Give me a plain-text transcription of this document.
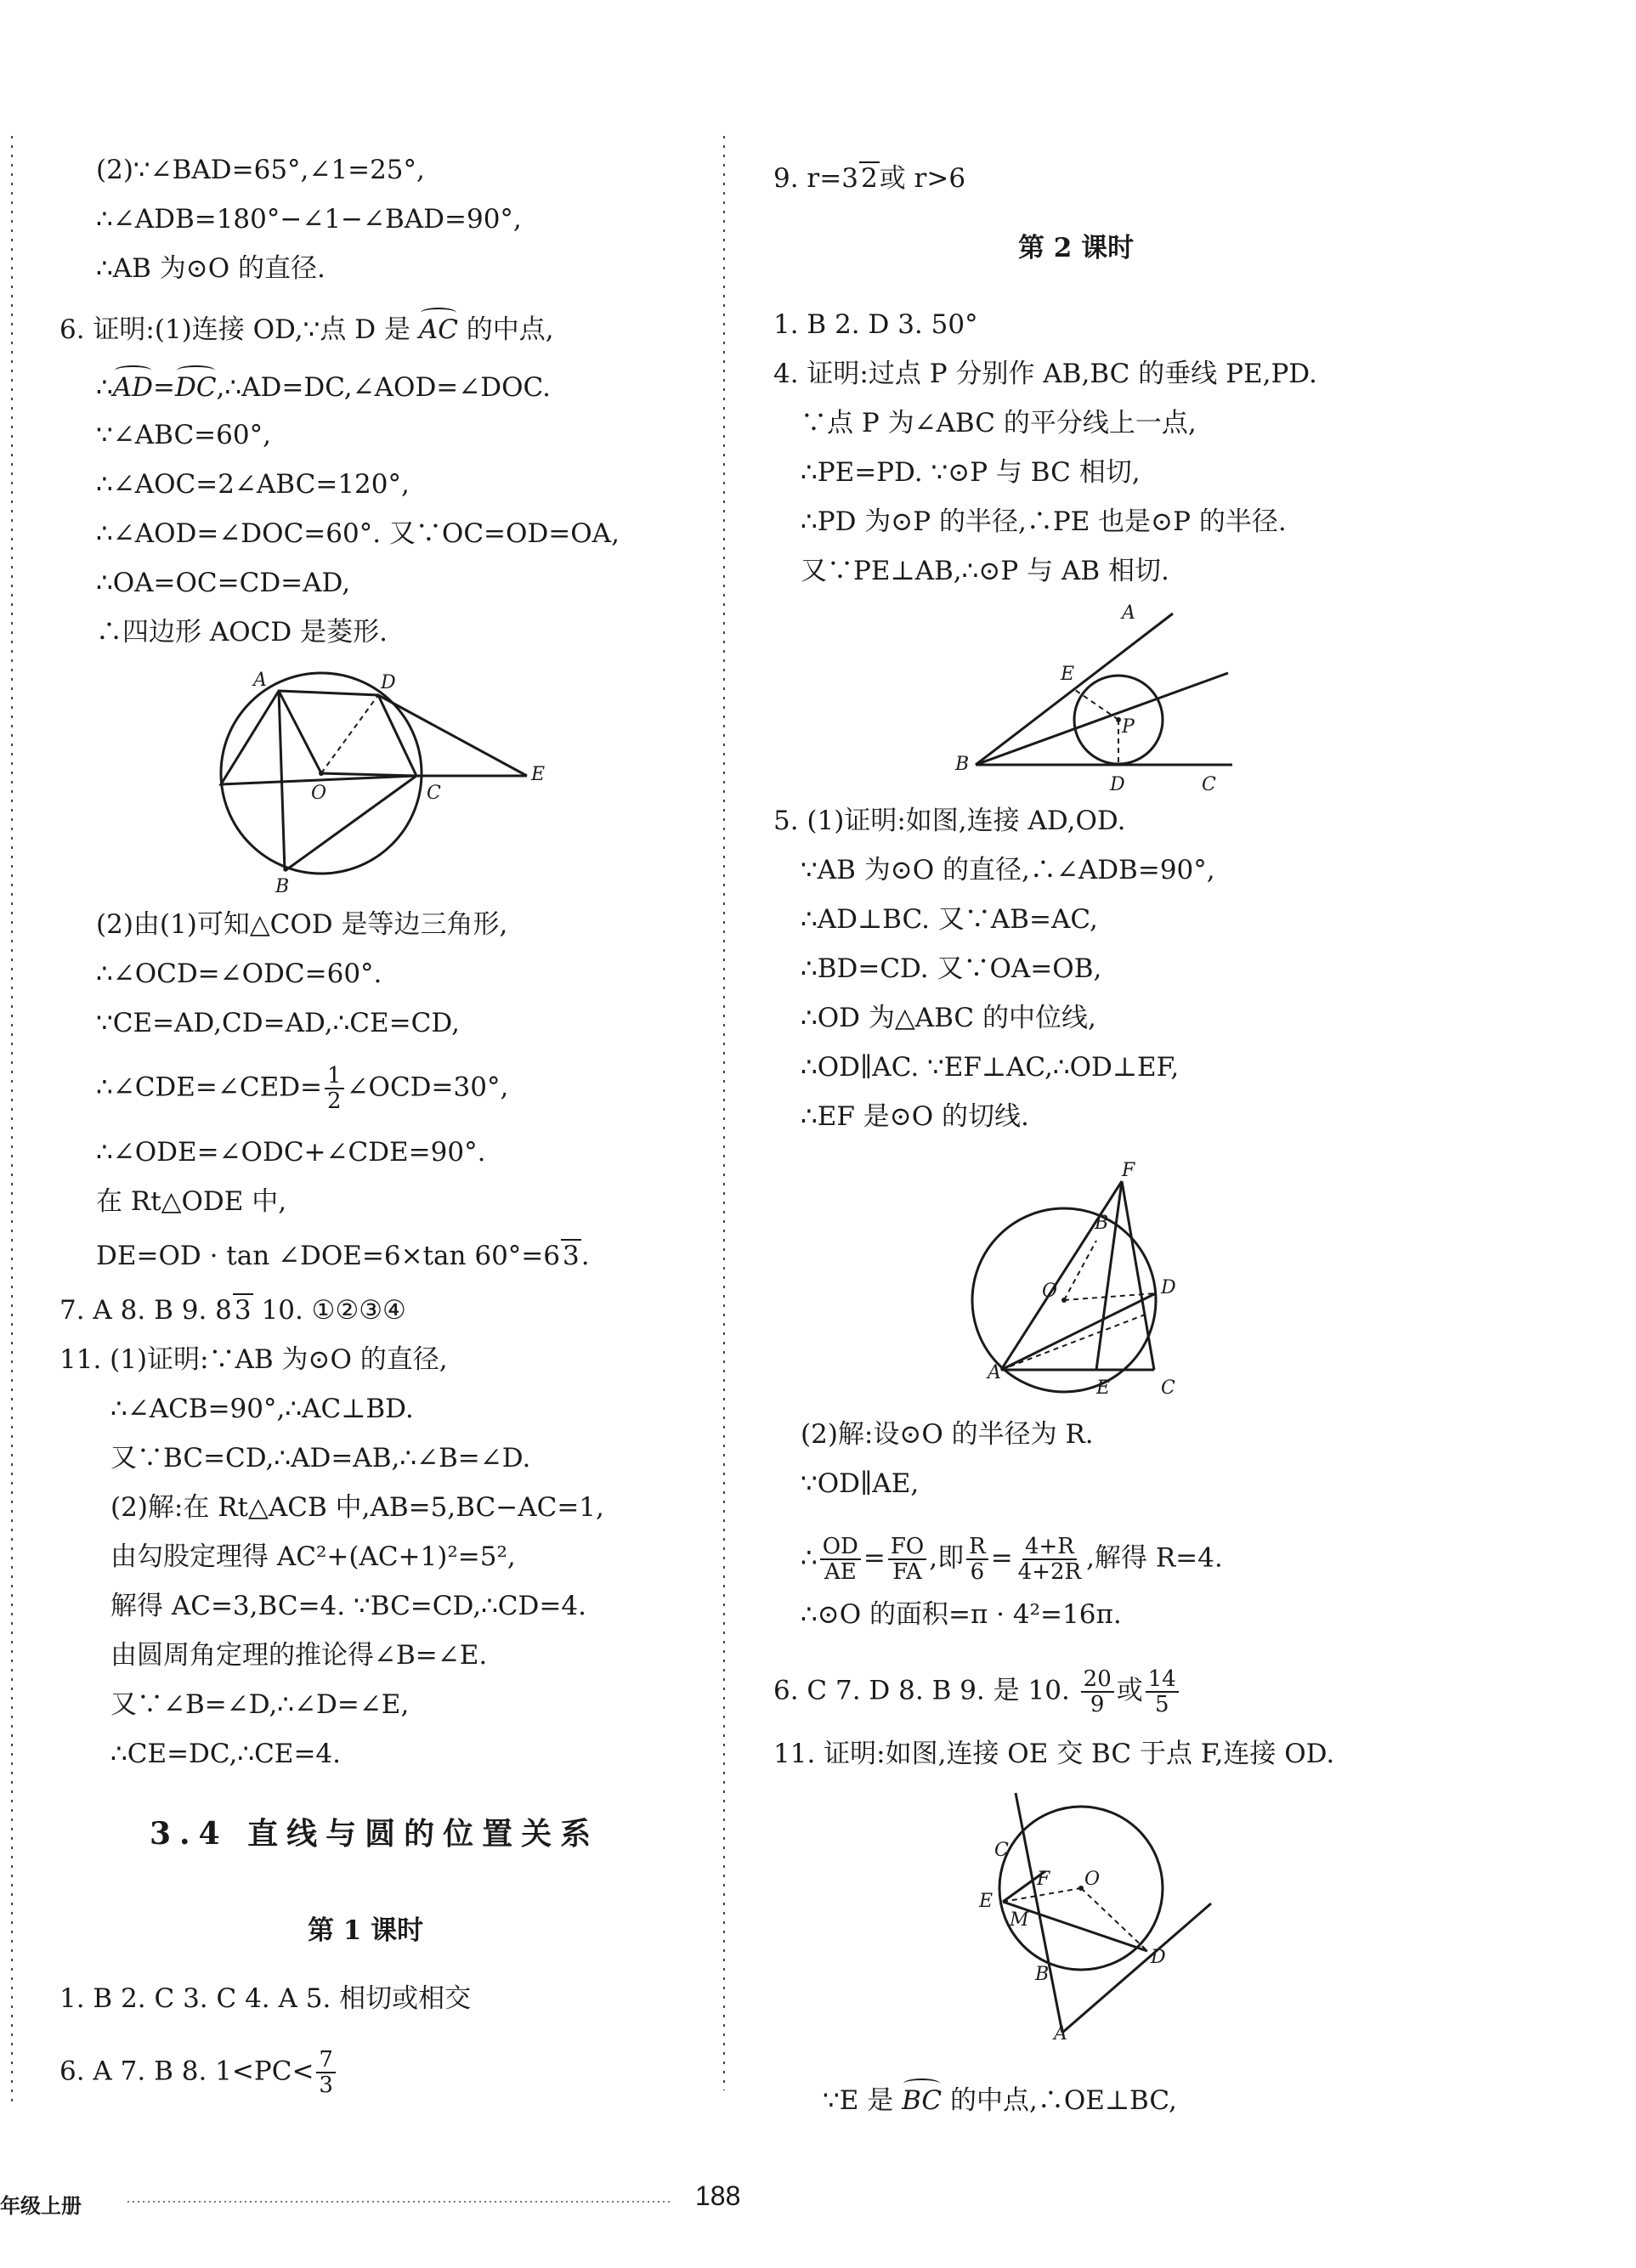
(2)∵∠BAD=65°,∠1=25°,
∴∠ADB=180°−∠1−∠BAD=90°,
∴AB 为⊙O 的直径.
6. 证明:(1)连接 OD,∵点 D 是 AC 的中点,
∴AD=DC,∴AD=DC,∠AOD=∠DOC.
∵∠ABC=60°,
∴∠AOC=2∠ABC=120°,
∴∠AOD=∠DOC=60°. 又∵OC=OD=OA,
∴OA=OC=CD=AD,
∴四边形 AOCD 是菱形.
A	D
O	C
E
B
(2)由(1)可知△COD 是等边三角形,
∴∠OCD=∠ODC=60°.
∵CE=AD,CD=AD,∴CE=CD,
∴∠CDE=∠CED= $\frac{1}{2}$ ∠OCD=30°,
∴∠ODE=∠ODC+∠CDE=90°.
在 Rt△ODE 中,
DE=OD · tan ∠DOE=6×tan 60°=63.
7. A 8. B 9. 83 10. ①②③④
11. (1)证明:∵AB 为⊙O 的直径,
∴∠ACB=90°,∴AC⊥BD.
又∵BC=CD,∴AD=AB,∴∠B=∠D.
(2)解:在 Rt△ACB 中,AB=5,BC−AC=1,
由勾股定理得 AC²+(AC+1)²=5²,
解得 AC=3,BC=4. ∵BC=CD,∴CD=4.
由圆周角定理的推论得∠B=∠E.
又∵∠B=∠D,∴∠D=∠E,
∴CE=DC,∴CE=4.
3.4 直线与圆的位置关系
第 1 课时
1. B 2. C 3. C 4. A 5. 相切或相交
6. A 7. B 8. $1<PC< \frac{7}{3}$
9. r=32或 r>6
第 2 课时
1. B 2. D 3. 50°
4. 证明:过点 P 分别作 AB,BC 的垂线 PE,PD.
∵点 P 为∠ABC 的平分线上一点,
∴PE=PD. ∵⊙P 与 BC 相切,
∴PD 为⊙P 的半径,∴PE 也是⊙P 的半径.
又∵PE⊥AB,∴⊙P 与 AB 相切.
P
A
E
B
D	C
5. (1)证明:如图,连接 AD,OD.
∵AB 为⊙O 的直径,∴∠ADB=90°,
∴AD⊥BC. 又∵AB=AC,
∴BD=CD. 又∵OA=OB,
∴OD 为△ABC 的中位线,
∴OD∥AC. ∵EF⊥AC,∴OD⊥EF,
∴EF 是⊙O 的切线.
F
B
O	D
A
E	C
(2)解:设⊙O 的半径为 R.
∵OD∥AE,
∴ $\frac{OD}{AE} = \frac{FO}{FA}$ ,即 $\frac{R}{6} = \frac{4+R}{4+2R}$ ,解得 R=4.
∴⊙O 的面积=π · 4²=16π.
6. C 7. D 8. B 9. 是 10. $\frac{20}{9}$ 或 $\frac{14}{5}$
11. 证明:如图,连接 OE 交 BC 于点 F,连接 OD.
C
F O
E
M
B
D
A
∵E 是 BC 的中点,∴OE⊥BC,
年级上册	188
